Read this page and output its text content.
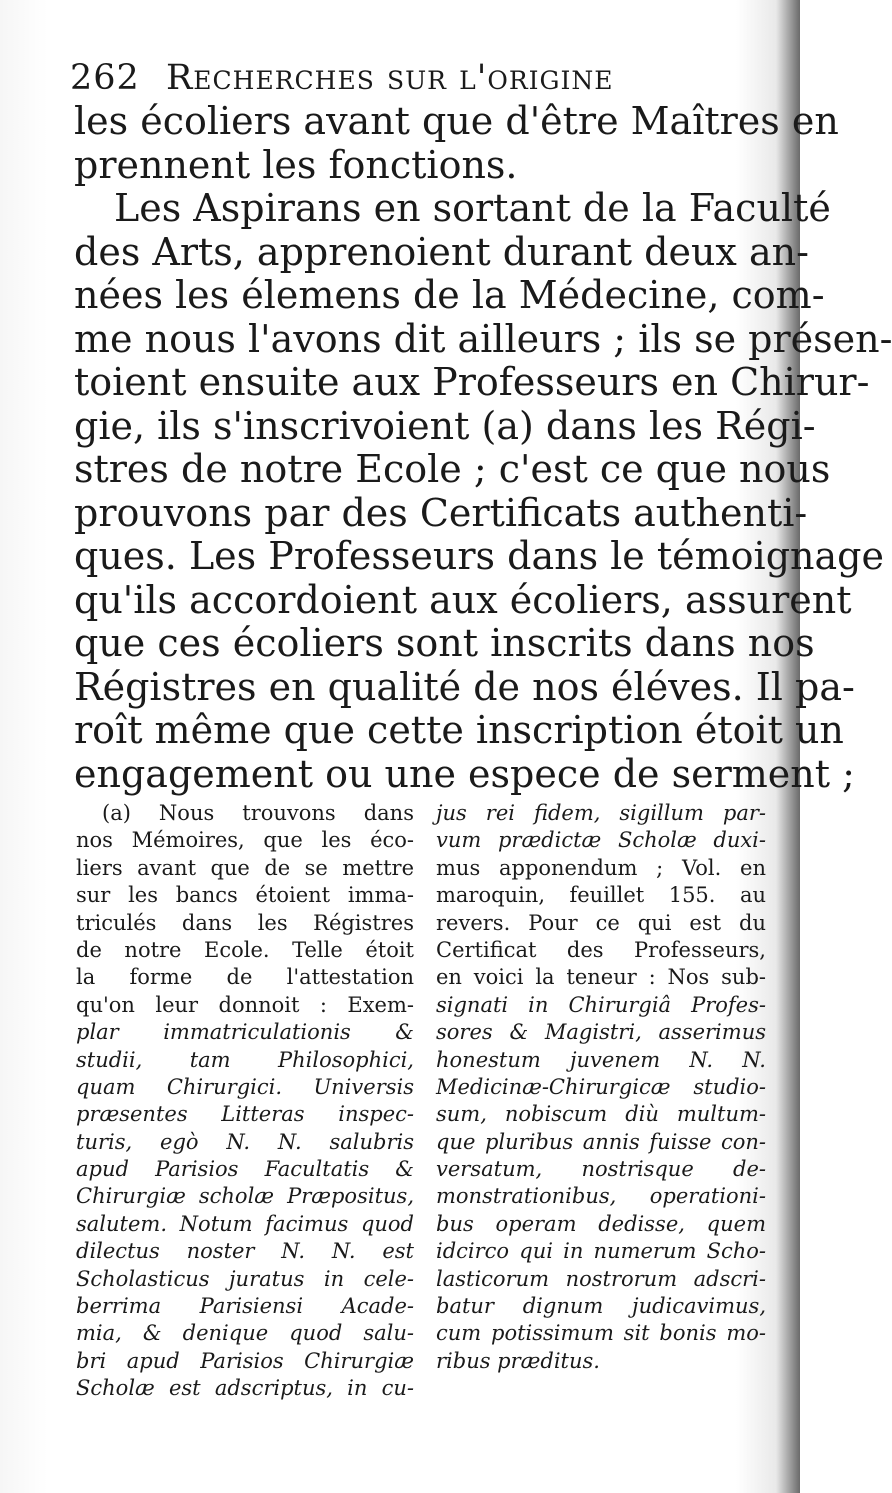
262 Recherches sur l'origine
les écoliers avant que d'être Maîtres en
prennent les fonctions.
Les Aspirans en sortant de la Faculté
des Arts, apprenoient durant deux an-
nées les élemens de la Médecine, com-
me nous l'avons dit ailleurs ; ils se présen-
toient ensuite aux Professeurs en Chirur-
gie, ils s'inscrivoient (a) dans les Régi-
stres de notre Ecole ; c'est ce que nous
prouvons par des Certificats authenti-
ques. Les Professeurs dans le témoignage
qu'ils accordoient aux écoliers, assurent
que ces écoliers sont inscrits dans nos
Régistres en qualité de nos éléves. Il pa-
roît même que cette inscription étoit un
engagement ou une espece de serment ;
(a) Nous trouvons dans
nos Mémoires, que les éco-
liers avant que de se mettre
sur les bancs étoient imma-
triculés dans les Régistres
de notre Ecole. Telle étoit
la forme de l'attestation
qu'on leur donnoit : Exem-
plar immatriculationis &
studii, tam Philosophici,
quam Chirurgici. Universis
præsentes Litteras inspec-
turis, egò N. N. salubris
apud Parisios Facultatis &
Chirurgiæ scholæ Præpositus,
salutem. Notum facimus quod
dilectus noster N. N. est
Scholasticus juratus in cele-
berrima Parisiensi Acade-
mia, & denique quod salu-
bri apud Parisios Chirurgiæ
Scholæ est adscriptus, in cu-
jus rei fidem, sigillum par-
vum prædictæ Scholæ duxi-
mus apponendum ; Vol. en
maroquin, feuillet 155. au
revers. Pour ce qui est du
Certificat des Professeurs,
en voici la teneur : Nos sub-
signati in Chirurgiâ Profes-
sores & Magistri, asserimus
honestum juvenem N. N.
Medicinæ-Chirurgicæ studio-
sum, nobiscum diù multum-
que pluribus annis fuisse con-
versatum, nostrisque de-
monstrationibus, operationi-
bus operam dedisse, quem
idcirco qui in numerum Scho-
lasticorum nostrorum adscri-
batur dignum judicavimus,
cum potissimum sit bonis mo-
ribus præditus.
